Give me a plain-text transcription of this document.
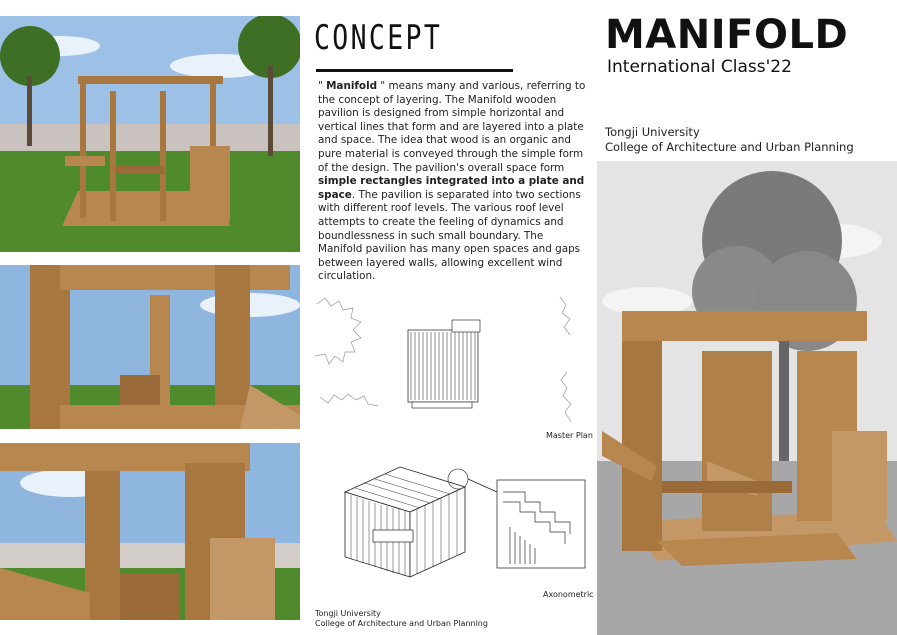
CONCEPT
" Manifold " means many and various, referring to the concept of layering. The Manifold wooden pavilion is designed from simple horizontal and vertical lines that form and are layered into a plate and space. The idea that wood is an organic and pure material is conveyed through the simple form of the design. The pavilion's overall space form simple rectangles integrated into a plate and space. The pavilion is separated into two sections with different roof levels. The various roof level attempts to create the feeling of dynamics and boundlessness in such small boundary. The Manifold pavilion has many open spaces and gaps between layered walls, allowing excellent wind circulation.
Master Plan
Axonometric
Tongji University
College of Architecture and Urban Planning
MANIFOLD
International Class'22
Tongji University
College of Architecture and Urban Planning
